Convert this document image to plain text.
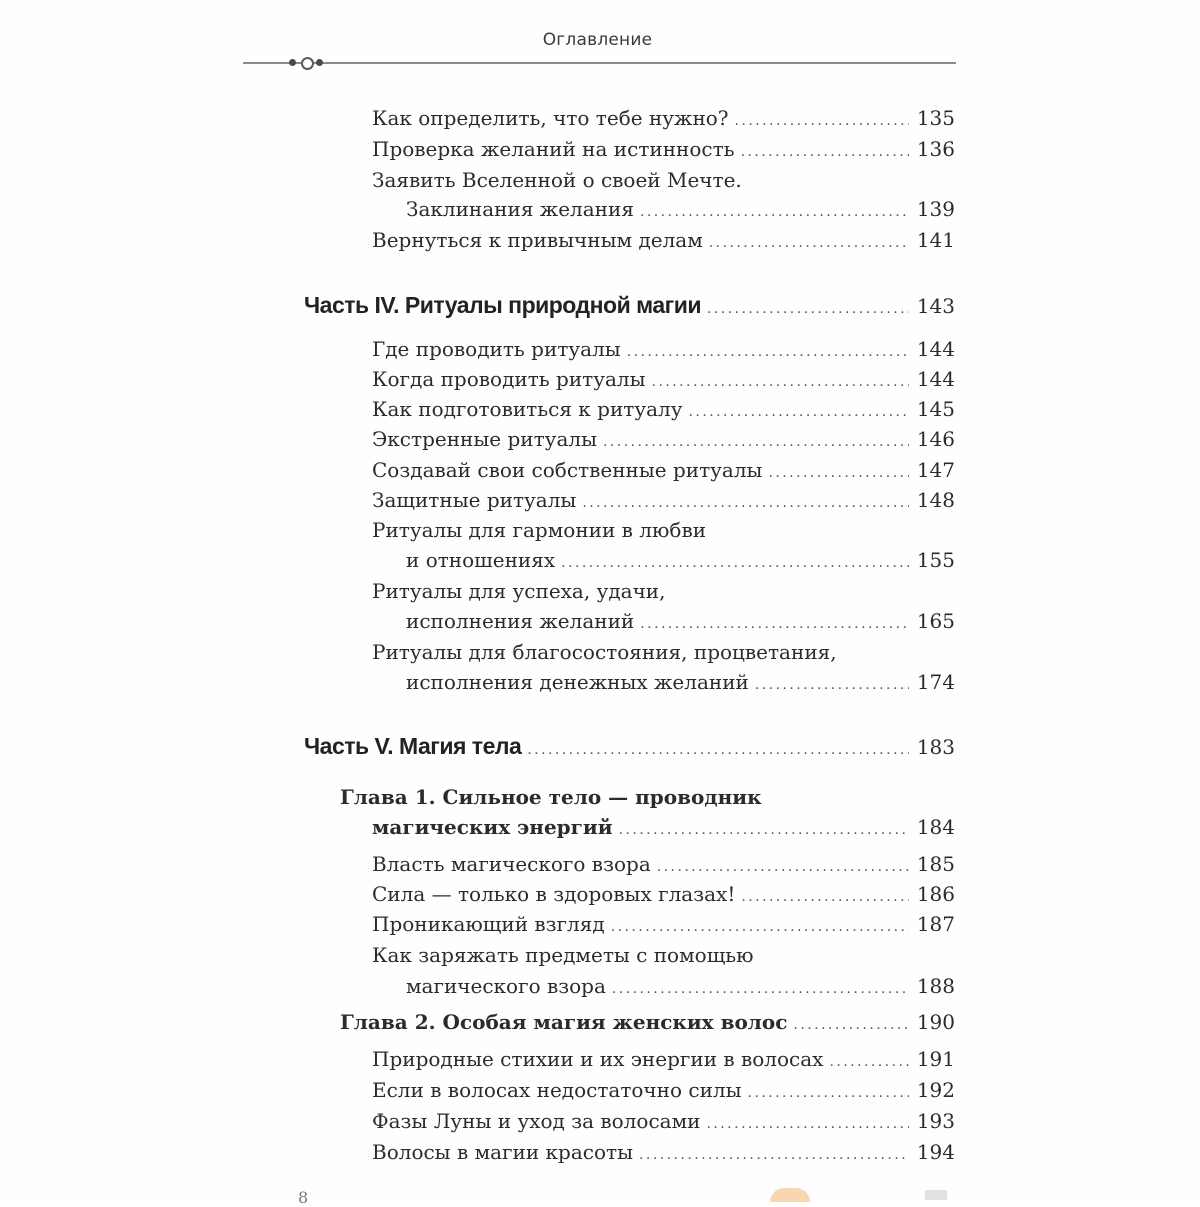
Оглавление
Как определить, что тебе нужно? . . .	135
Проверка желаний на истинность . . .	136
Заявить Вселенной о своей Мечте.
Заклинания желания . . .	139
Вернуться к привычным делам . . .	141
Часть IV. Ритуалы природной магии . . .	143
Где проводить ритуалы . . .	144
Когда проводить ритуалы . . .	144
Как подготовиться к ритуалу . . .	145
Экстренные ритуалы . . .	146
Создавай свои собственные ритуалы . . .	147
Защитные ритуалы . . .	148
Ритуалы для гармонии в любви
и отношениях . . .	155
Ритуалы для успеха, удачи,
исполнения желаний . . .	165
Ритуалы для благосостояния, процветания,
исполнения денежных желаний . . .	174
Часть V. Магия тела . . .	183
Глава 1. Сильное тело — проводник
магических энергий . . .	184
Власть магического взора . . .	185
Сила — только в здоровых глазах! . . .	186
Проникающий взгляд . . .	187
Как заряжать предметы с помощью
магического взора . . .	188
Глава 2. Особая магия женских волос . . .	190
Природные стихии и их энергии в волосах . . .	191
Если в волосах недостаточно силы . . .	192
Фазы Луны и уход за волосами . . .	193
Волосы в магии красоты . . .	194
8
